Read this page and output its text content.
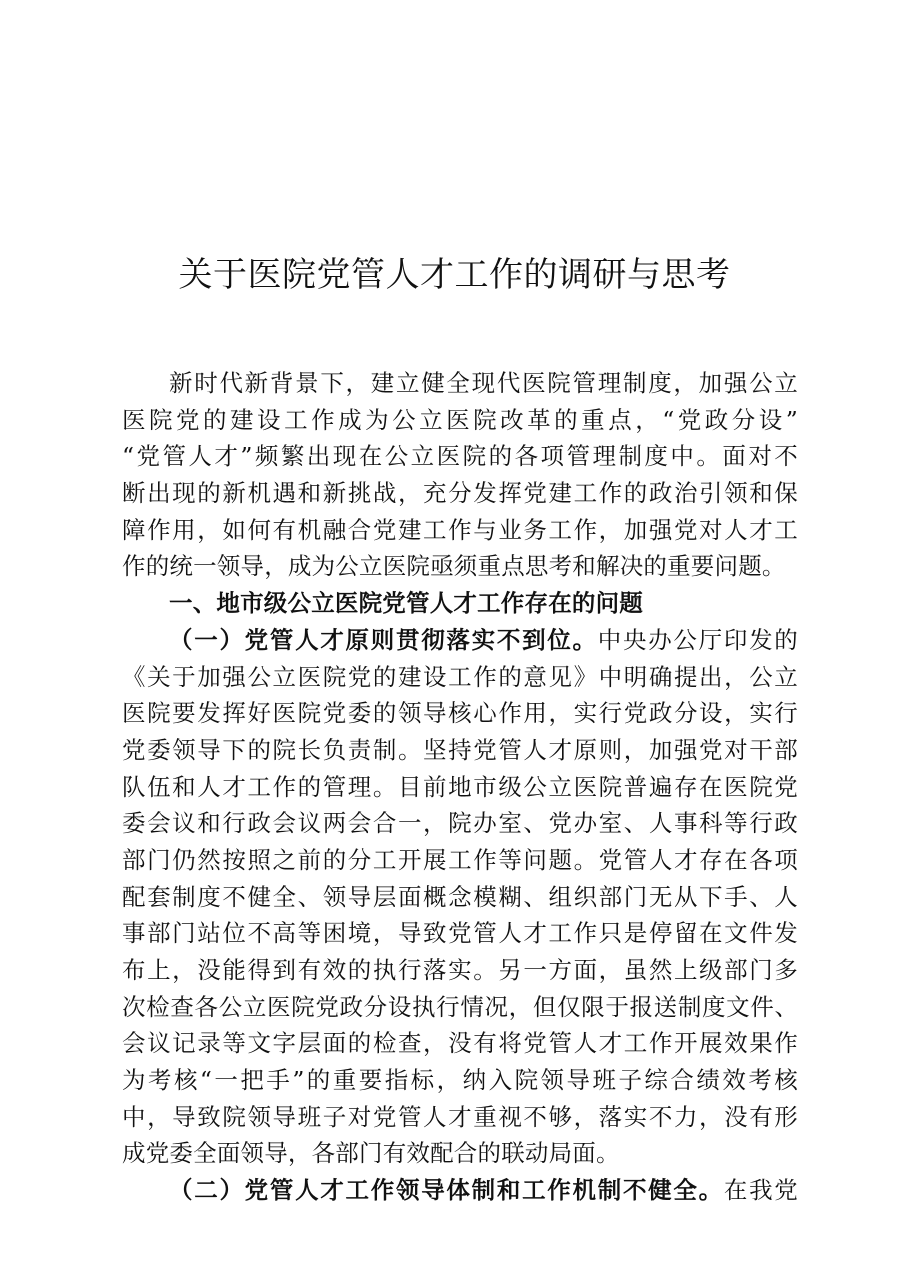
关于医院党管人才工作的调研与思考
新时代新背景下，建立健全现代医院管理制度，加强公立
医院党的建设工作成为公立医院改革的重点，“党政分设”
“党管人才”频繁出现在公立医院的各项管理制度中。面对不
断出现的新机遇和新挑战，充分发挥党建工作的政治引领和保
障作用，如何有机融合党建工作与业务工作，加强党对人才工
作的统一领导，成为公立医院亟须重点思考和解决的重要问题。
一、地市级公立医院党管人才工作存在的问题
（一）党管人才原则贯彻落实不到位。中央办公厅印发的
《关于加强公立医院党的建设工作的意见》中明确提出，公立
医院要发挥好医院党委的领导核心作用，实行党政分设，实行
党委领导下的院长负责制。坚持党管人才原则，加强党对干部
队伍和人才工作的管理。目前地市级公立医院普遍存在医院党
委会议和行政会议两会合一，院办室、党办室、人事科等行政
部门仍然按照之前的分工开展工作等问题。党管人才存在各项
配套制度不健全、领导层面概念模糊、组织部门无从下手、人
事部门站位不高等困境，导致党管人才工作只是停留在文件发
布上，没能得到有效的执行落实。另一方面，虽然上级部门多
次检查各公立医院党政分设执行情况，但仅限于报送制度文件、
会议记录等文字层面的检查，没有将党管人才工作开展效果作
为考核“一把手”的重要指标，纳入院领导班子综合绩效考核
中，导致院领导班子对党管人才重视不够，落实不力，没有形
成党委全面领导，各部门有效配合的联动局面。
（二）党管人才工作领导体制和工作机制不健全。在我党
